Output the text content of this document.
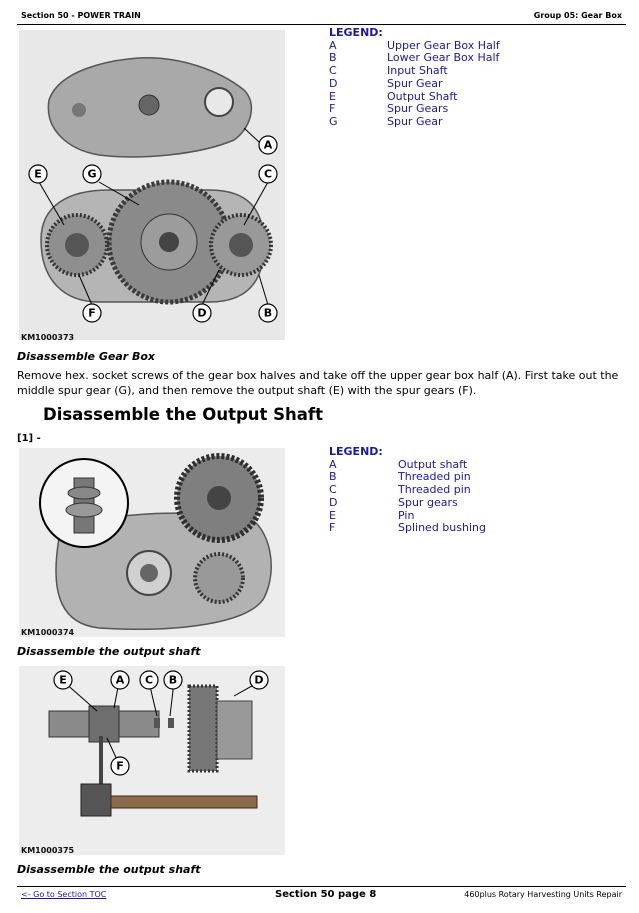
Section 50 - POWER TRAIN	Group 05: Gear Box
A
E	G	C
F	D	B
KM1000373
LEGEND:
A	Upper Gear Box Half
B	Lower Gear Box Half
C	Input Shaft
D	Spur Gear
E	Output Shaft
F	Spur Gears
G	Spur Gear
Disassemble Gear Box
Remove hex. socket screws of the gear box halves and take off the upper gear box half (A). First take out the middle spur gear (G), and then remove the output shaft (E) with the spur gears (F).
Disassemble the Output Shaft
[1] -
KM1000374
LEGEND:
A	Output shaft
B	Threaded pin
C	Threaded pin
D	Spur gears
E	Pin
F	Splined bushing
Disassemble the output shaft
E	A C B	D
F
KM1000375
Disassemble the output shaft
<- Go to Section TOC	Section 50 page 8	460plus Rotary Harvesting Units Repair
